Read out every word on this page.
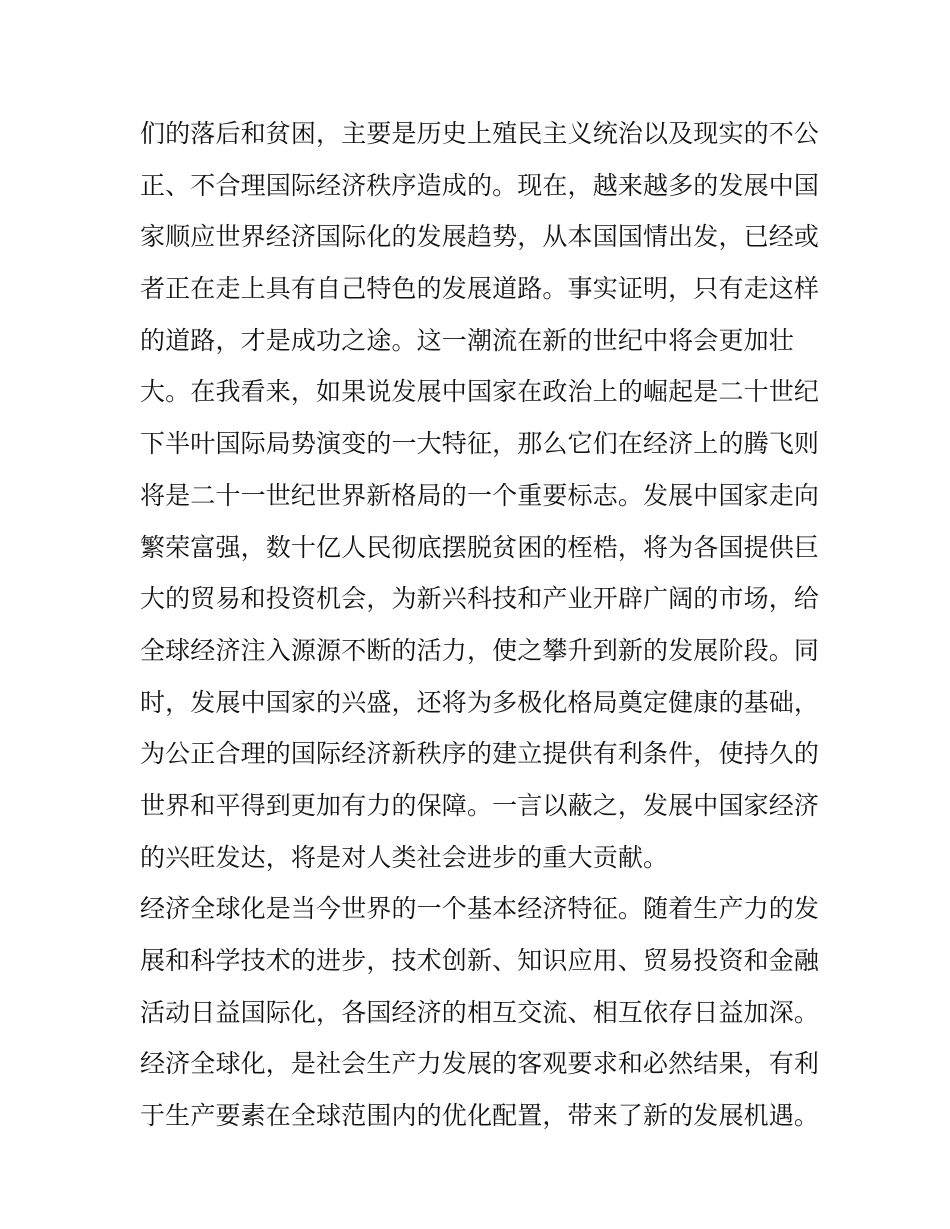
们的落后和贫困，主要是历史上殖民主义统治以及现实的不公
正、不合理国际经济秩序造成的。现在，越来越多的发展中国
家顺应世界经济国际化的发展趋势，从本国国情出发，已经或
者正在走上具有自己特色的发展道路。事实证明，只有走这样
的道路，才是成功之途。这一潮流在新的世纪中将会更加壮
大。在我看来，如果说发展中国家在政治上的崛起是二十世纪
下半叶国际局势演变的一大特征，那么它们在经济上的腾飞则
将是二十一世纪世界新格局的一个重要标志。发展中国家走向
繁荣富强，数十亿人民彻底摆脱贫困的桎梏，将为各国提供巨
大的贸易和投资机会，为新兴科技和产业开辟广阔的市场，给
全球经济注入源源不断的活力，使之攀升到新的发展阶段。同
时，发展中国家的兴盛，还将为多极化格局奠定健康的基础，
为公正合理的国际经济新秩序的建立提供有利条件，使持久的
世界和平得到更加有力的保障。一言以蔽之，发展中国家经济
的兴旺发达，将是对人类社会进步的重大贡献。
经济全球化是当今世界的一个基本经济特征。随着生产力的发
展和科学技术的进步，技术创新、知识应用、贸易投资和金融
活动日益国际化，各国经济的相互交流、相互依存日益加深。
经济全球化，是社会生产力发展的客观要求和必然结果，有利
于生产要素在全球范围内的优化配置，带来了新的发展机遇。
